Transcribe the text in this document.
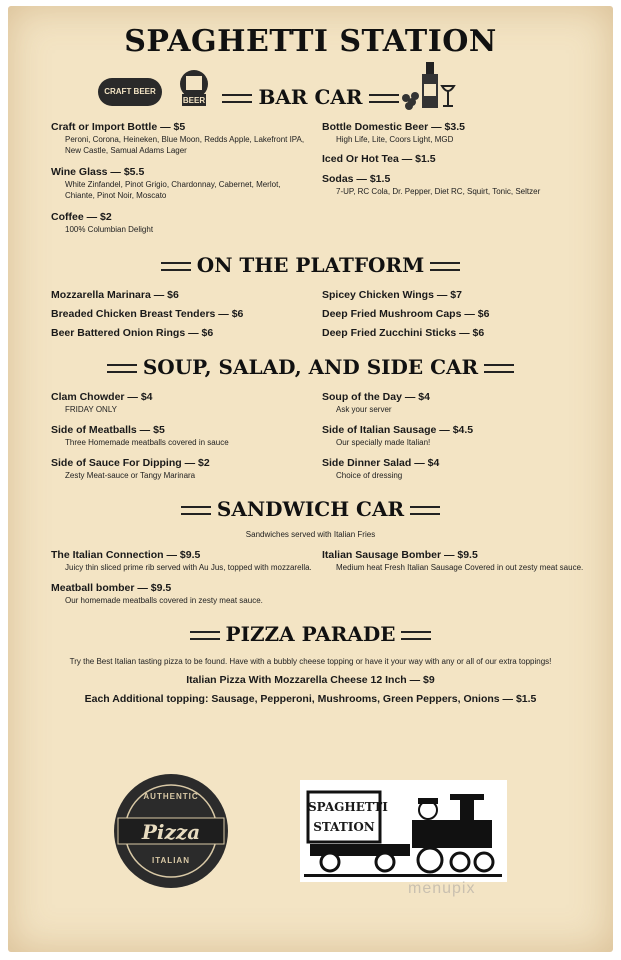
SPAGHETTI STATION
CRAFT BEER
BEER	BAR CAR
Craft or Import Bottle — $5
Peroni, Corona, Heineken, Blue Moon, Redds Apple, Lakefront IPA, New Castle, Samual Adams Lager
Wine Glass — $5.5
White Zinfandel, Pinot Grigio, Chardonnay, Cabernet, Merlot, Chiante, Pinot Noir, Moscato
Coffee — $2
100% Columbian Delight
Bottle Domestic Beer — $3.5
High Life, Lite, Coors Light, MGD
Iced Or Hot Tea — $1.5
Sodas — $1.5
7-UP, RC Cola, Dr. Pepper, Diet RC, Squirt, Tonic, Seltzer
ON THE PLATFORM
Mozzarella Marinara — $6
Breaded Chicken Breast Tenders — $6
Beer Battered Onion Rings — $6
Spicey Chicken Wings — $7
Deep Fried Mushroom Caps — $6
Deep Fried Zucchini Sticks — $6
SOUP, SALAD, AND SIDE CAR
Clam Chowder — $4
FRIDAY ONLY
Side of Meatballs — $5
Three Homemade meatballs covered in sauce
Side of Sauce For Dipping — $2
Zesty Meat-sauce or Tangy Marinara
Soup of the Day — $4
Ask your server
Side of Italian Sausage — $4.5
Our specially made Italian!
Side Dinner Salad — $4
Choice of dressing
SANDWICH CAR
Sandwiches served with Italian Fries
The Italian Connection — $9.5
Juicy thin sliced prime rib served with Au Jus, topped with mozzarella.
Meatball bomber — $9.5
Our homemade meatballs covered in zesty meat sauce.
Italian Sausage Bomber — $9.5
Medium heat Fresh Italian Sausage Covered in out zesty meat sauce.
PIZZA PARADE
Try the Best Italian tasting pizza to be found. Have with a bubbly cheese topping or have it your way with any or all of our extra toppings!
Italian Pizza With Mozzarella Cheese 12 Inch — $9
Each Additional topping: Sausage, Pepperoni, Mushrooms, Green Peppers, Onions — $1.5
AUTHENTIC
Pizza
ITALIAN
SPAGHETTI
STATION
menupix
